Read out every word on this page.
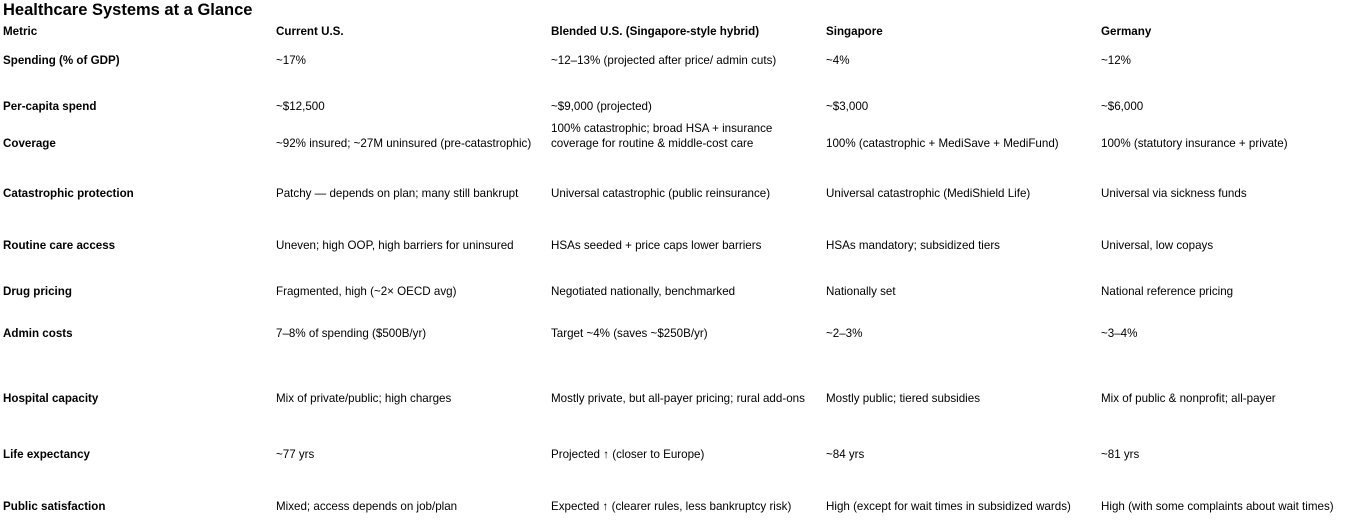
Healthcare Systems at a Glance
Metric	Current U.S.	Blended U.S. (Singapore-style hybrid)	Singapore	Germany
Spending (% of GDP)	~17%	~12–13% (projected after price/ admin cuts)	~4%	~12%
Per-capita spend	~$12,500	~$9,000 (projected)	~$3,000	~$6,000
Coverage	~92% insured; ~27M uninsured (pre-catastrophic)	100% catastrophic; broad HSA + insurance coverage for routine & middle-cost care	100% (catastrophic + MediSave + MediFund)	100% (statutory insurance + private)
Catastrophic protection	Patchy — depends on plan; many still bankrupt	Universal catastrophic (public reinsurance)	Universal catastrophic (MediShield Life)	Universal via sickness funds
Routine care access	Uneven; high OOP, high barriers for uninsured	HSAs seeded + price caps lower barriers	HSAs mandatory; subsidized tiers	Universal, low copays
Drug pricing	Fragmented, high (~2× OECD avg)	Negotiated nationally, benchmarked	Nationally set	National reference pricing
Admin costs	7–8% of spending ($500B/yr)	Target ~4% (saves ~$250B/yr)	~2–3%	~3–4%
Hospital capacity	Mix of private/public; high charges	Mostly private, but all-payer pricing; rural add-ons	Mostly public; tiered subsidies	Mix of public & nonprofit; all-payer
Life expectancy	~77 yrs	Projected ↑ (closer to Europe)	~84 yrs	~81 yrs
Public satisfaction	Mixed; access depends on job/plan	Expected ↑ (clearer rules, less bankruptcy risk)	High (except for wait times in subsidized wards)	High (with some complaints about wait times)
